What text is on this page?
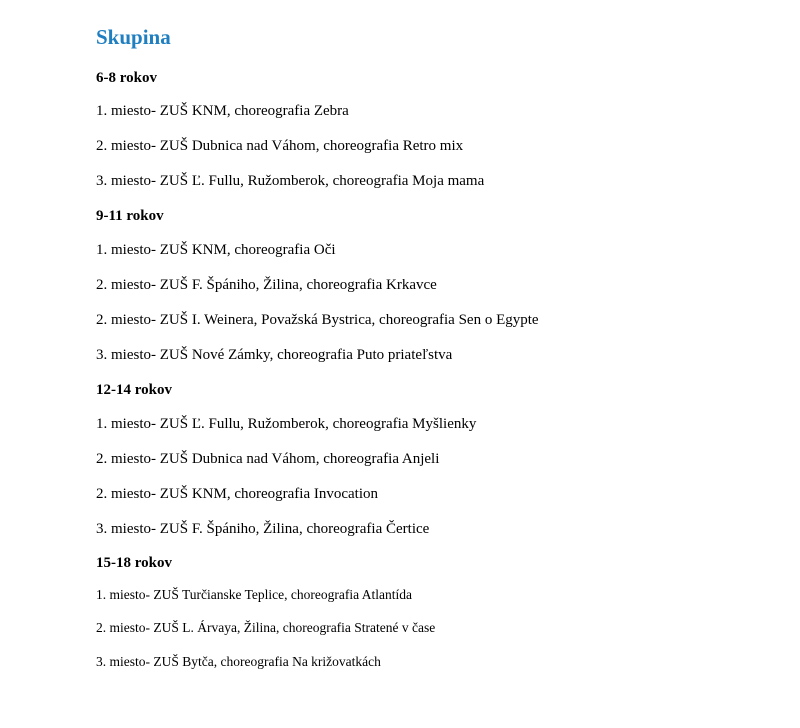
Skupina
6-8 rokov
1. miesto- ZUŠ KNM, choreografia Zebra
2. miesto- ZUŠ Dubnica nad Váhom, choreografia Retro mix
3. miesto- ZUŠ Ľ. Fullu, Ružomberok, choreografia Moja mama
9-11 rokov
1. miesto- ZUŠ KNM, choreografia Oči
2. miesto- ZUŠ F. Špániho, Žilina, choreografia Krkavce
2. miesto- ZUŠ I. Weinera, Považská Bystrica, choreografia Sen o Egypte
3. miesto- ZUŠ Nové Zámky, choreografia Puto priateľstva
12-14 rokov
1. miesto- ZUŠ Ľ. Fullu, Ružomberok, choreografia Myšlienky
2. miesto- ZUŠ Dubnica nad Váhom, choreografia Anjeli
2. miesto- ZUŠ KNM, choreografia Invocation
3. miesto- ZUŠ F. Špániho, Žilina, choreografia Čertice
15-18 rokov
1. miesto- ZUŠ Turčianske Teplice, choreografia Atlantída
2. miesto- ZUŠ L. Árvaya, Žilina, choreografia Stratené v čase
3. miesto- ZUŠ Bytča, choreografia Na križovatkách
